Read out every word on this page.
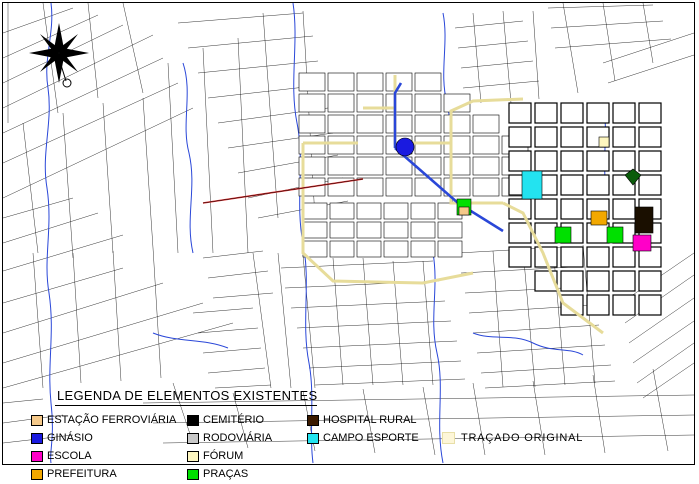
LEGENDA DE ELEMENTOS EXISTENTES
ESTAÇÃO FERROVIÁRIA
GINÁSIO
ESCOLA
PREFEITURA
CEMITÉRIO
RODOVIÁRIA
FÓRUM
PRAÇAS
HOSPITAL RURAL
CAMPO ESPORTE	TRAÇADO ORIGINAL
